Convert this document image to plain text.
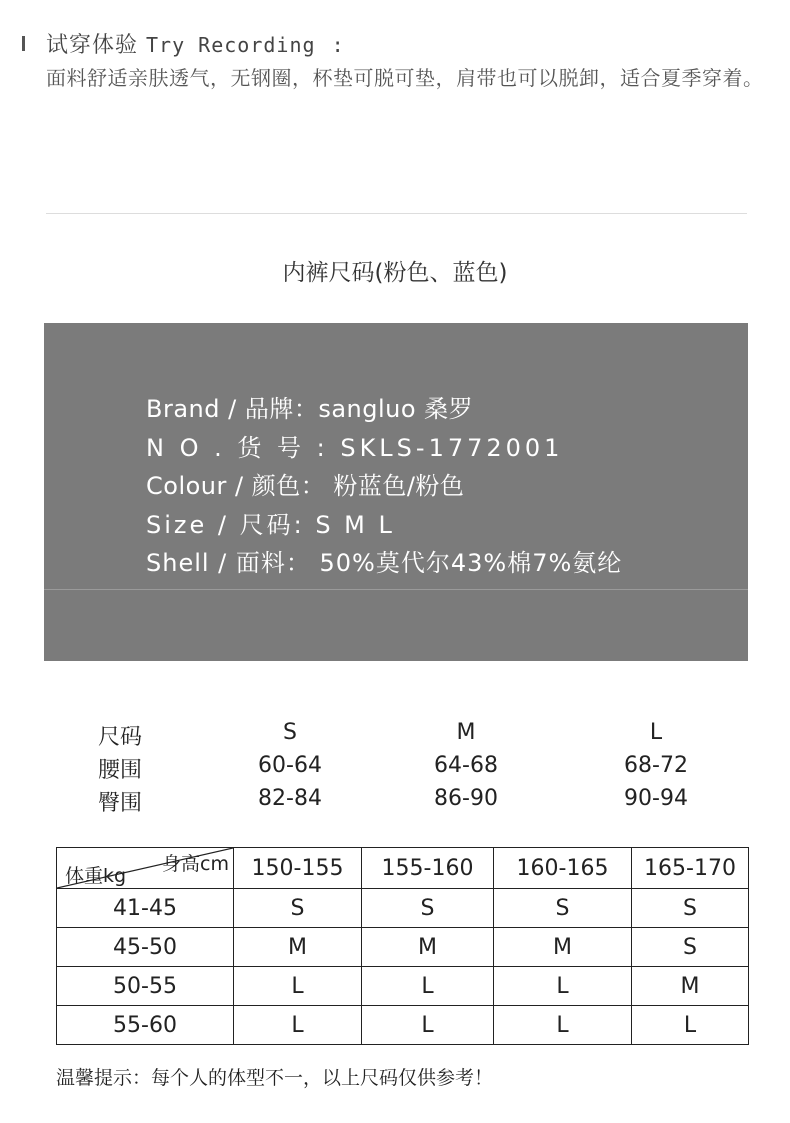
试穿体验 Try Recording :
面料舒适亲肤透气，无钢圈，杯垫可脱可垫，肩带也可以脱卸，适合夏季穿着。
内裤尺码(粉色、蓝色)
Brand / 品牌：sangluo 桑罗
N O . 货 号 : SKLS-1772001
Colour / 颜色： 粉蓝色/粉色
Size / 尺码: S M L
Shell / 面料： 50%莫代尔43%棉7%氨纶
尺码	S	M	L
腰围	60-64	64-68	68-72
臀围	82-84	86-90	90-94
身高cm
体重kg	150-155	155-160	160-165	165-170
41-45	S	S	S	S
45-50	M	M	M	S
50-55	L	L	L	M
55-60	L	L	L	L
温馨提示：每个人的体型不一，以上尺码仅供参考！
